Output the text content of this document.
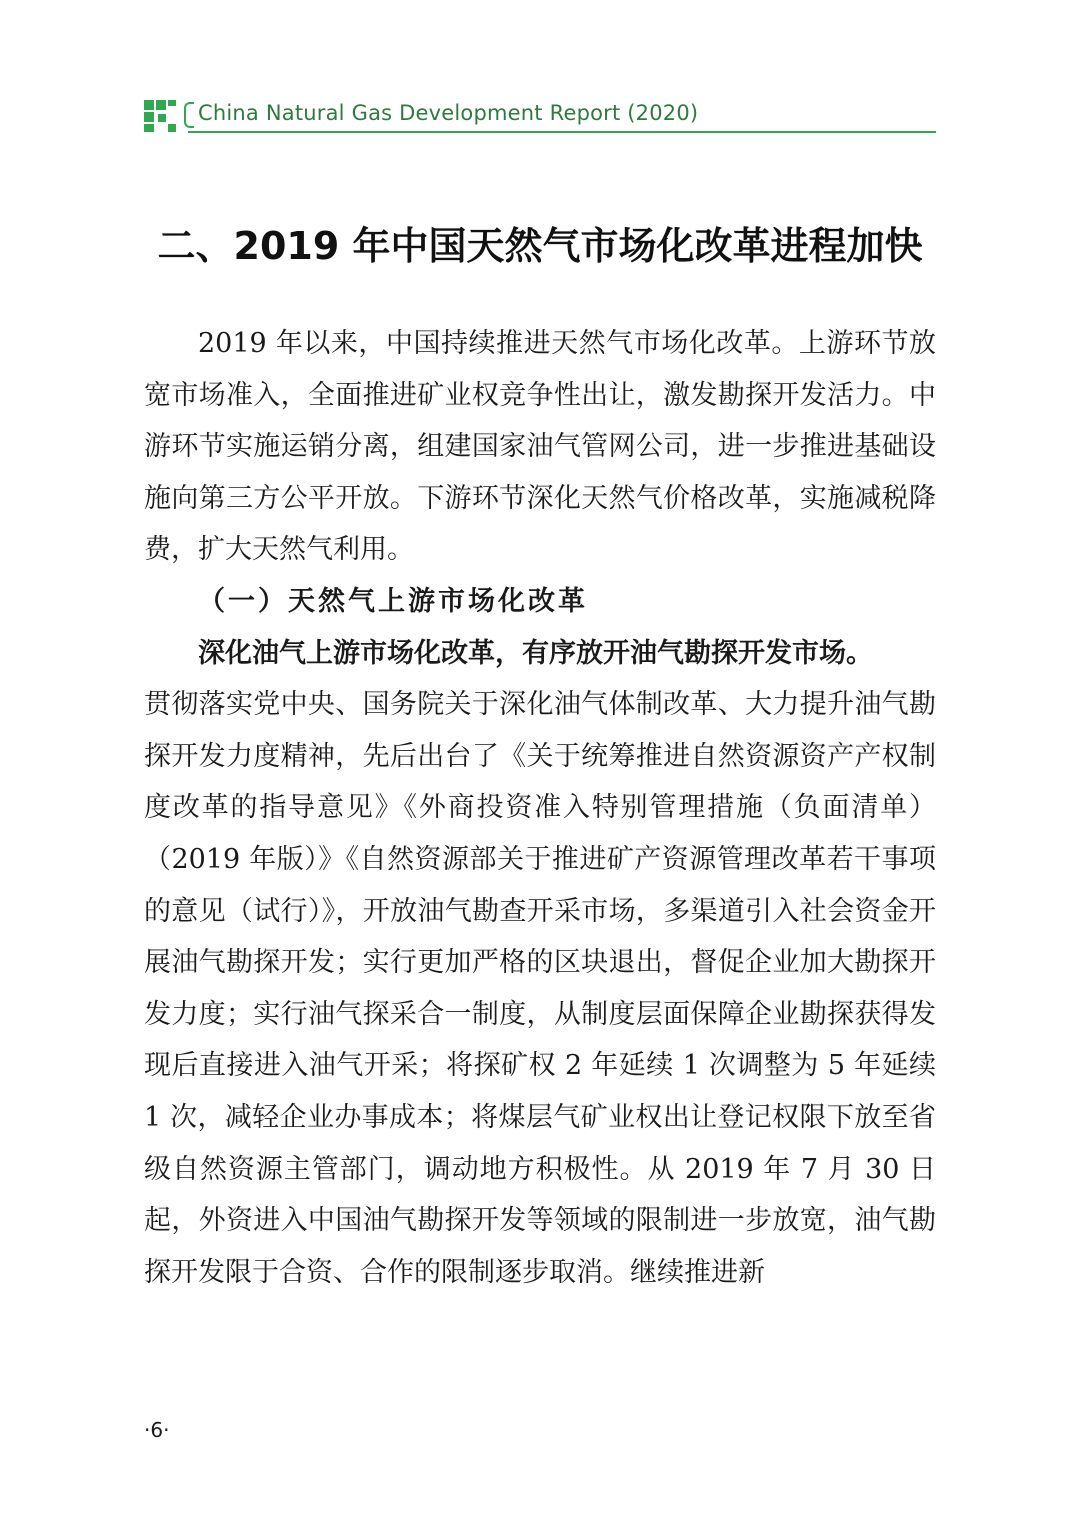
China Natural Gas Development Report (2020)
二、2019 年中国天然气市场化改革进程加快

2019 年以来，中国持续推进天然气市场化改革。上游环节放宽市场准入，全面推进矿业权竞争性出让，激发勘探开发活力。中游环节实施运销分离，组建国家油气管网公司，进一步推进基础设施向第三方公平开放。下游环节深化天然气价格改革，实施减税降费，扩大天然气利用。

（一）天然气上游市场化改革

深化油气上游市场化改革，有序放开油气勘探开发市场。

贯彻落实党中央、国务院关于深化油气体制改革、大力提升油气勘探开发力度精神，先后出台了《关于统筹推进自然资源资产产权制度改革的指导意见》《外商投资准入特别管理措施（负面清单）（2019 年版）》《自然资源部关于推进矿产资源管理改革若干事项的意见（试行）》，开放油气勘查开采市场，多渠道引入社会资金开展油气勘探开发；实行更加严格的区块退出，督促企业加大勘探开发力度；实行油气探采合一制度，从制度层面保障企业勘探获得发现后直接进入油气开采；将探矿权 2 年延续 1 次调整为 5 年延续 1 次，减轻企业办事成本；将煤层气矿业权出让登记权限下放至省级自然资源主管部门，调动地方积极性。从 2019 年 7 月 30 日起，外资进入中国油气勘探开发等领域的限制进一步放宽，油气勘探开发限于合资、合作的限制逐步取消。继续推进新

·6·
